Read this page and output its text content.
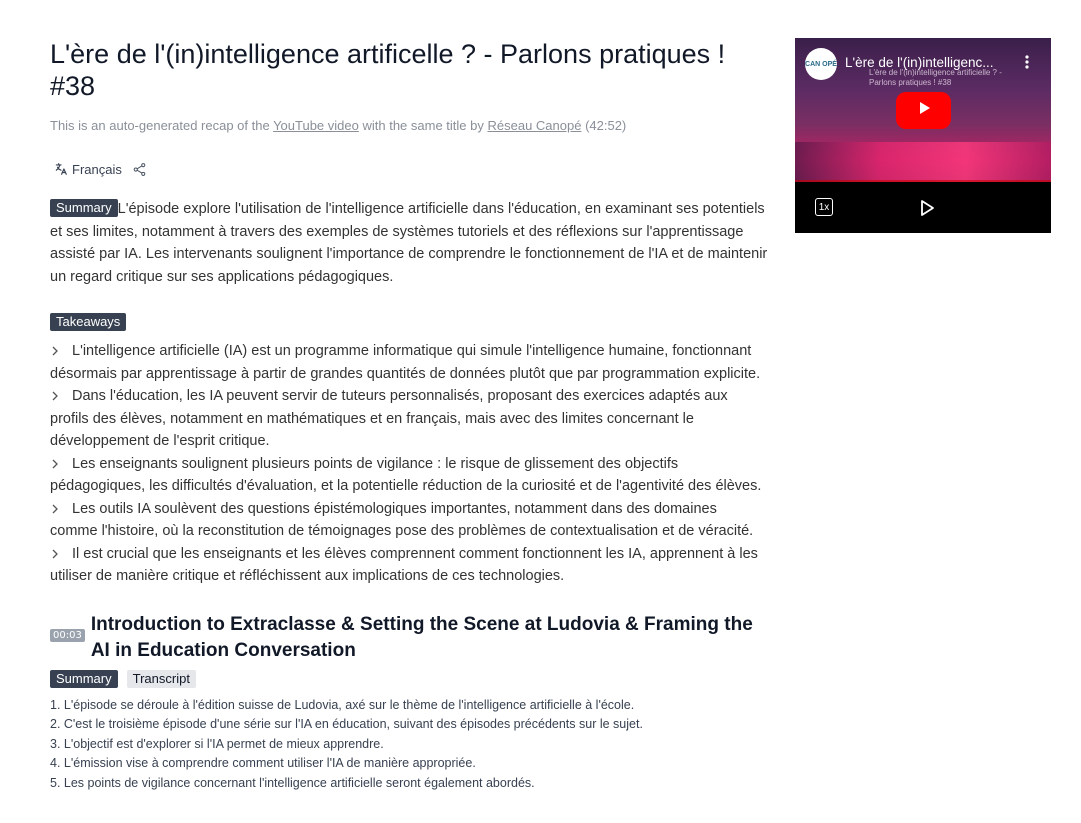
L'ère de l'(in)intelligence artificelle ? - Parlons pratiques ! #38
This is an auto-generated recap of the YouTube video with the same title by Réseau Canopé (42:52)
Français
Summary L'épisode explore l'utilisation de l'intelligence artificielle dans l'éducation, en examinant ses potentiels et ses limites, notamment à travers des exemples de systèmes tutoriels et des réflexions sur l'apprentissage assisté par IA. Les intervenants soulignent l'importance de comprendre le fonctionnement de l'IA et de maintenir un regard critique sur ses applications pédagogiques.
Takeaways
L'intelligence artificielle (IA) est un programme informatique qui simule l'intelligence humaine, fonctionnant désormais par apprentissage à partir de grandes quantités de données plutôt que par programmation explicite.
Dans l'éducation, les IA peuvent servir de tuteurs personnalisés, proposant des exercices adaptés aux profils des élèves, notamment en mathématiques et en français, mais avec des limites concernant le développement de l'esprit critique.
Les enseignants soulignent plusieurs points de vigilance : le risque de glissement des objectifs pédagogiques, les difficultés d'évaluation, et la potentielle réduction de la curiosité et de l'agentivité des élèves.
Les outils IA soulèvent des questions épistémologiques importantes, notamment dans des domaines comme l'histoire, où la reconstitution de témoignages pose des problèmes de contextualisation et de véracité.
Il est crucial que les enseignants et les élèves comprennent comment fonctionnent les IA, apprennent à les utiliser de manière critique et réfléchissent aux implications de ces technologies.
00:03
Introduction to Extraclasse & Setting the Scene at Ludovia & Framing the AI in Education Conversation
Summary	Transcript
1. L'épisode se déroule à l'édition suisse de Ludovia, axé sur le thème de l'intelligence artificielle à l'école.
2. C'est le troisième épisode d'une série sur l'IA en éducation, suivant des épisodes précédents sur le sujet.
3. L'objectif est d'explorer si l'IA permet de mieux apprendre.
4. L'émission vise à comprendre comment utiliser l'IA de manière appropriée.
5. Les points de vigilance concernant l'intelligence artificielle seront également abordés.
L'ère de l'(in)intelligence artificielle ? - Parlons pratiques ! #38
CAN OPÉ L'ère de l'(in)intelligenc...
1x
